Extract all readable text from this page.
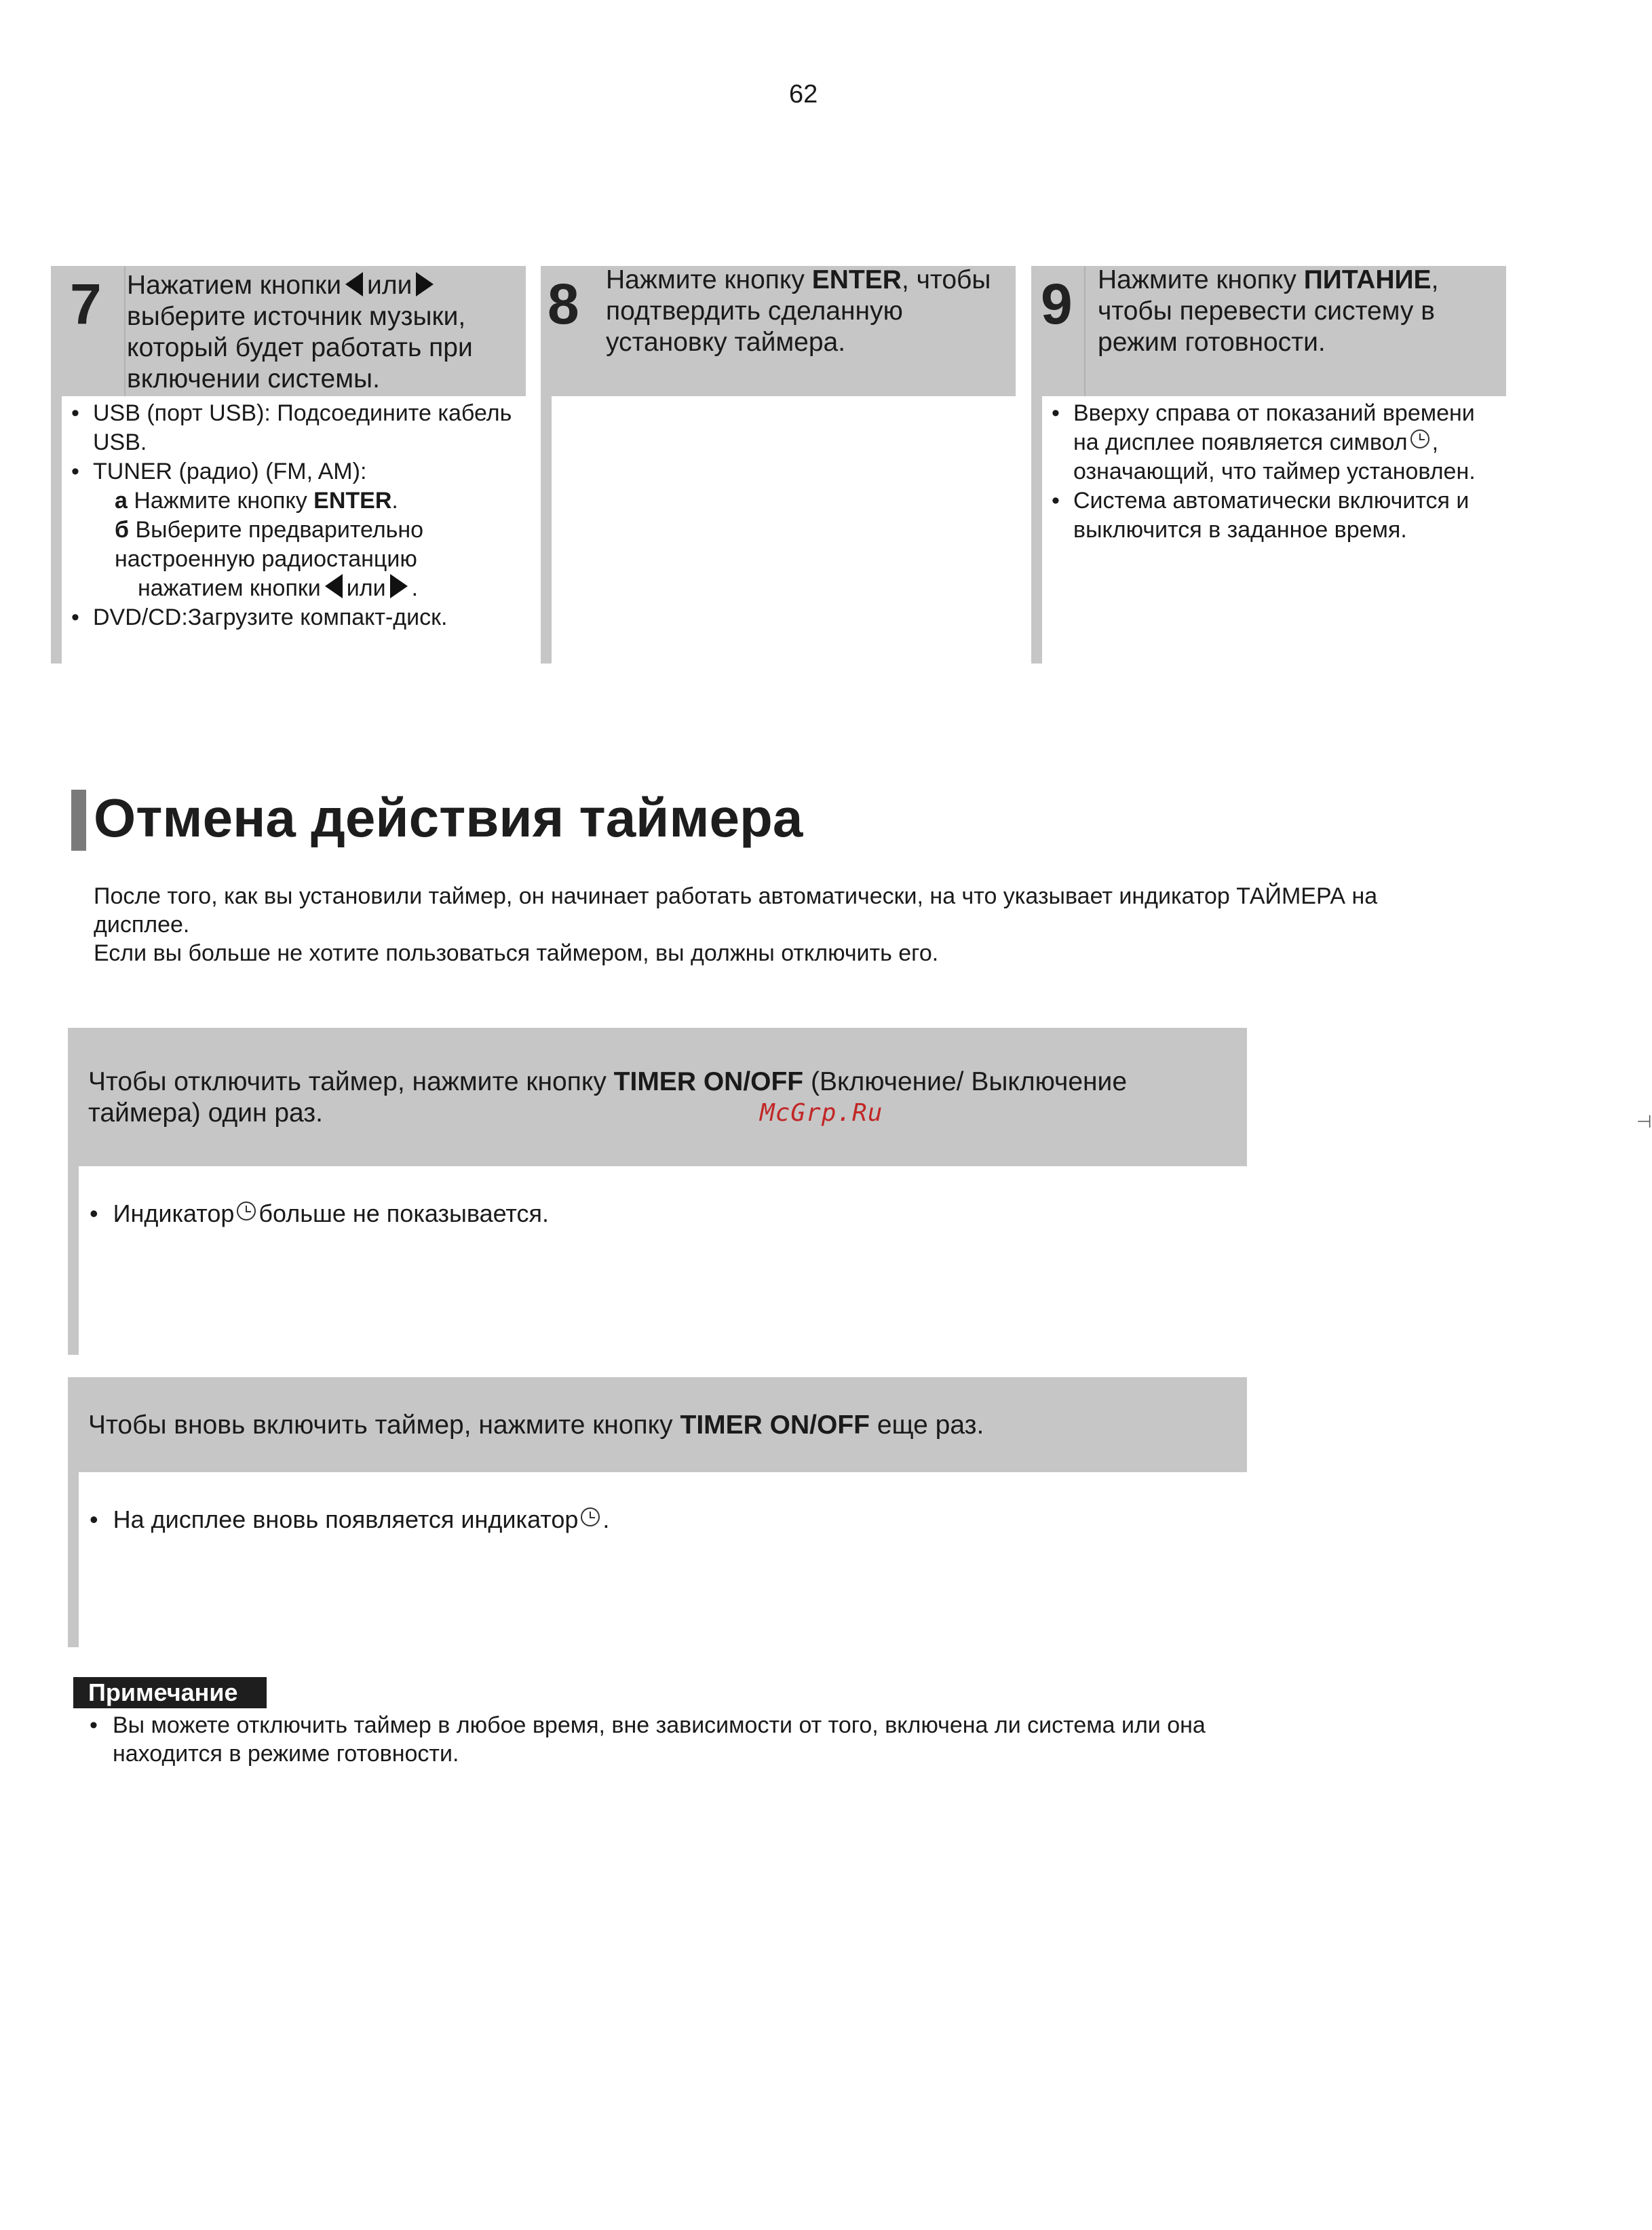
62
7 Нажатием кнопки иливыберите источник музыки, который будет работать при включении системы.
• USB (порт USB): Подсоедините кабель USB.
• TUNER (радио) (FM, AM):
а Нажмите кнопку ENTER.
б Выберите предварительно настроенную радиостанцию
нажатием кнопки или .
• DVD/CD:Загрузите компакт-диск.
8 Нажмите кнопку ENTER, чтобы подтвердить сделанную установку таймера.
9 Нажмите кнопку ПИТАНИЕ, чтобы перевести систему в режим готовности.
• Вверху справа от показаний времени на дисплее появляется символ , означающий, что таймер установлен.
• Система автоматически включится и выключится в заданное время.
Отмена действия таймера
После того, как вы установили таймер, он начинает работать автоматически, на что указывает индикатор ТАЙМЕРА на дисплее.
Если вы больше не хотите пользоваться таймером, вы должны отключить его.
Чтобы отключить таймер, нажмите кнопку TIMER ON/OFF (Включение/ Выключение таймера) один раз.
• Индикатор больше не показывается.
McGrp.Ru	⊣
Чтобы вновь включить таймер, нажмите кнопку TIMER ON/OFF еще раз.
• На дисплее вновь появляется индикатор .
Примечание
• Вы можете отключить таймер в любое время, вне зависимости от того, включена ли система или она находится в режиме готовности.
